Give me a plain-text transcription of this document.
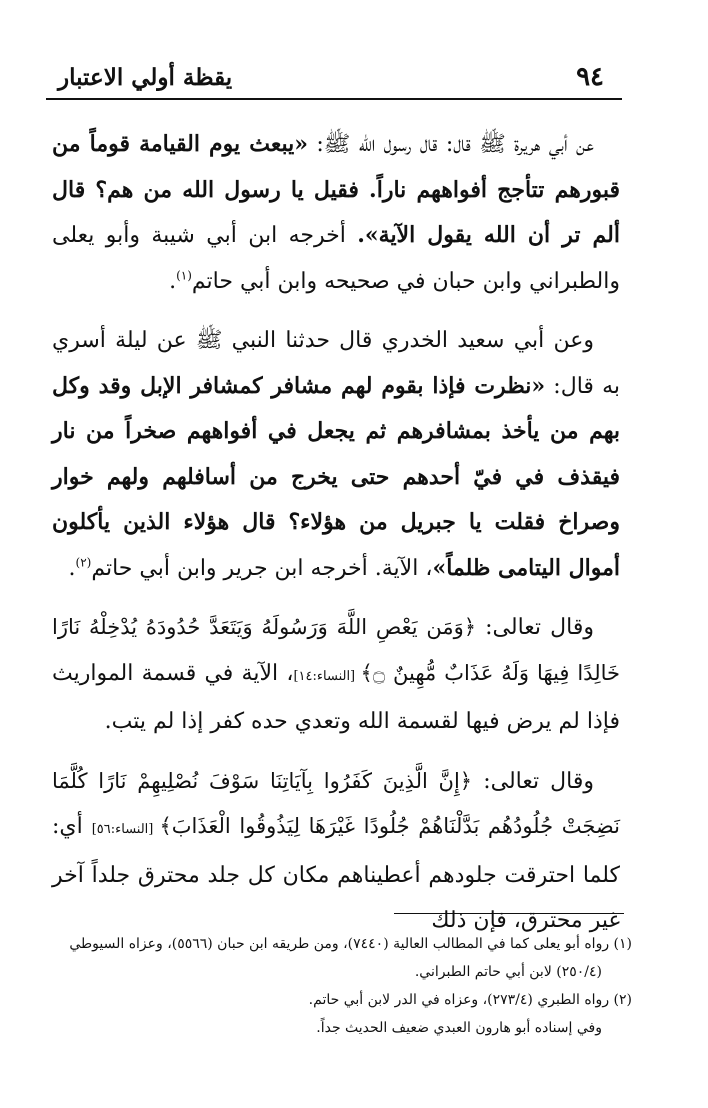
٩٤
يقظة أولي الاعتبار

عن أبي هريرة ﷺ قال: قال رسول الله ﷺ: «يبعث يوم القيامة قوماً من قبورهم تتأجج أفواههم ناراً. فقيل يا رسول الله من هم؟ قال ألم تر أن الله يقول الآية». أخرجه ابن أبي شيبة وأبو يعلى والطبراني وابن حبان في صحيحه وابن أبي حاتم$^{(١)}$.

وعن أبي سعيد الخدري قال حدثنا النبي ﷺ عن ليلة أسري به قال: «نظرت فإذا بقوم لهم مشافر كمشافر الإبل وقد وكل بهم من يأخذ بمشافرهم ثم يجعل في أفواههم صخراً من نار فيقذف في فيّ أحدهم حتى يخرج من أسافلهم ولهم خوار وصراخ فقلت يا جبريل من هؤلاء؟ قال هؤلاء الذين يأكلون أموال اليتامى ظلماً»، الآية. أخرجه ابن جرير وابن أبي حاتم$^{(٢)}$.

وقال تعالى: ﴿وَمَن يَعْصِ اللَّهَ وَرَسُولَهُ وَيَتَعَدَّ حُدُودَهُ يُدْخِلْهُ نَارًا خَالِدًا فِيهَا وَلَهُ عَذَابٌ مُّهِينٌ ۝﴾ [النساء:١٤]، الآية في قسمة المواريث فإذا لم يرض فيها لقسمة الله وتعدي حده كفر إذا لم يتب.

وقال تعالى: ﴿إِنَّ الَّذِينَ كَفَرُوا بِآيَاتِنَا سَوْفَ نُصْلِيهِمْ نَارًا كُلَّمَا نَضِجَتْ جُلُودُهُم بَدَّلْنَاهُمْ جُلُودًا غَيْرَهَا لِيَذُوقُوا الْعَذَابَ﴾ [النساء:٥٦] أي: كلما احترقت جلودهم أعطيناهم مكان كل جلد محترق جلداً آخر غير محترق، فإن ذلك

(١) رواه أبو يعلى كما في المطالب العالية (٧٤٤٠)، ومن طريقه ابن حبان (٥٥٦٦)، وعزاه السيوطي

(٢٥٠/٤) لابن أبي حاتم الطبراني.

(٢) رواه الطبري (٢٧٣/٤)، وعزاه في الدر لابن أبي حاتم.

وفي إسناده أبو هارون العبدي ضعيف الحديث جداً.
